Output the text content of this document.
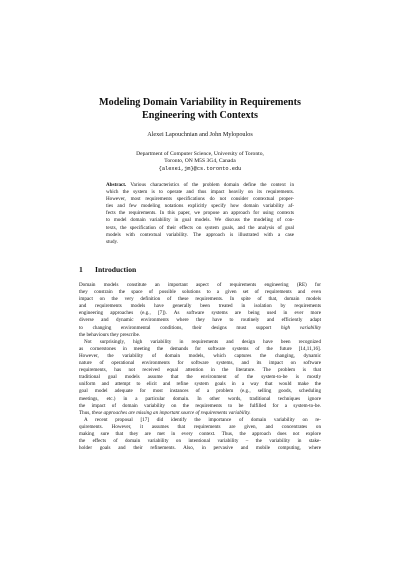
Modeling Domain Variability in Requirements
Engineering with Contexts
Alexei Lapouchnian and John Mylopoulos
Department of Computer Science, University of Toronto,
Toronto, ON M5S 3G4, Canada
{alexei,jm}@cs.toronto.edu
Abstract. Various characteristics of the problem domain define the context in
which the system is to operate and thus impact heavily on its requirements.
However, most requirements specifications do not consider contextual proper-
ties and few modeling notations explicitly specify how domain variability af-
fects the requirements. In this paper, we propose an approach for using contexts
to model domain variability in goal models. We discuss the modeling of con-
texts, the specification of their effects on system goals, and the analysis of goal
models with contextual variability. The approach is illustrated with a case
study.
1 Introduction
Domain models constitute an important aspect of requirements engineering (RE) for
they constrain the space of possible solutions to a given set of requirements and even
impact on the very definition of these requirements. In spite of that, domain models
and requirements models have generally been treated in isolation by requirements
engineering approaches (e.g., [7]). As software systems are being used in ever more
diverse and dynamic environments where they have to routinely and efficiently adapt
to changing environmental conditions, their designs must support high variability
the behaviours they prescribe.
Not surprisingly, high variability in requirements and design have been recognized
as cornerstones in meeting the demands for software systems of the future [14,11,16].
However, the variability of domain models, which captures the changing, dynamic
nature of operational environments for software systems, and its impact on software
requirements, has not received equal attention in the literature. The problem is that
traditional goal models assume that the environment of the system-to-be is mostly
uniform and attempt to elicit and refine system goals in a way that would make the
goal model adequate for most instances of a problem (e.g., selling goods, scheduling
meetings, etc.) in a particular domain. In other words, traditional techniques ignore
the impact of domain variability on the requirements to be fulfilled for a system-to-be.
Thus, these approaches are missing an important source of requirements variability.
A recent proposal [17] did identify the importance of domain variability on re-
quirements. However, it assumes that requirements are given, and concentrates on
making sure that they are met in every context. Thus, the approach does not explore
the effects of domain variability on intentional variability – the variability in stake-
holder goals and their refinements. Also, in pervasive and mobile computing, where
